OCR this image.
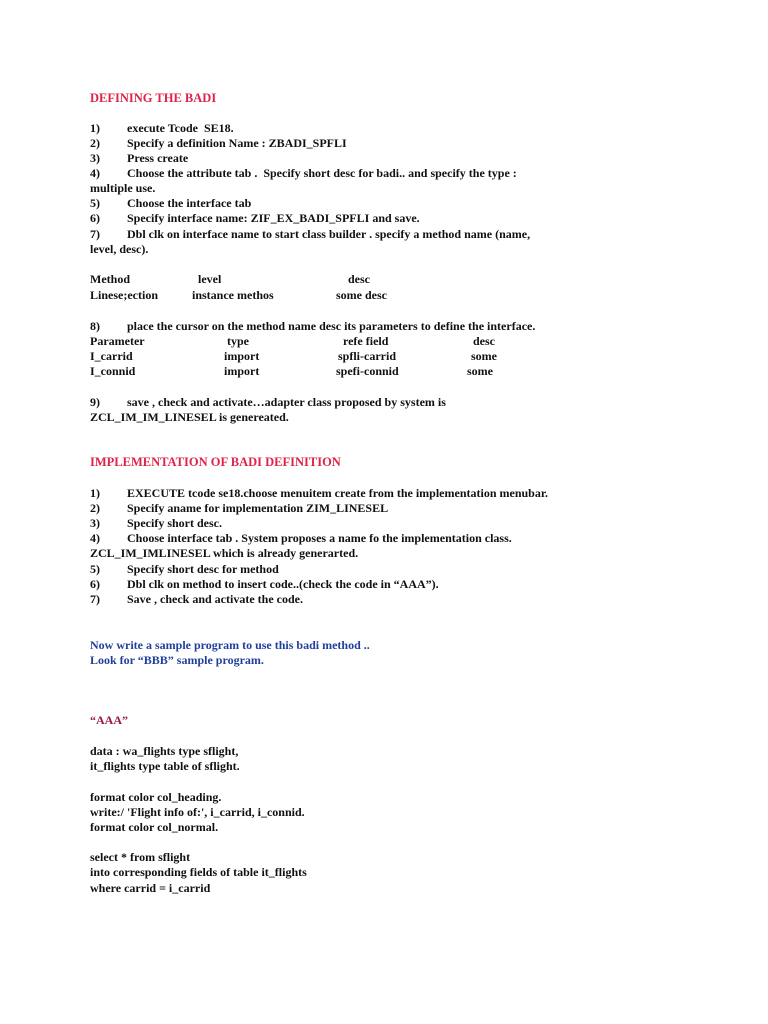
DEFINING THE BADI
1) execute Tcode  SE18.
2) Specify a definition Name : ZBADI_SPFLI
3) Press create
4) Choose the attribute tab .  Specify short desc for badi.. and specify the type :
multiple use.
5) Choose the interface tab
6) Specify interface name: ZIF_EX_BADI_SPFLI and save.
7) Dbl clk on interface name to start class builder . specify a method name (name,
level, desc).
Method	level	desc
Linese;ection	instance methos	some desc
8) place the cursor on the method name desc its parameters to define the interface.
Parameter	type	refe field	desc
I_carrid	import	spfli-carrid	some
I_connid	import	spefi-connid	some
9) save , check and activate…adapter class proposed by system is
ZCL_IM_IM_LINESEL is genereated.
IMPLEMENTATION OF BADI DEFINITION
1) EXECUTE tcode se18.choose menuitem create from the implementation menubar.
2) Specify aname for implementation ZIM_LINESEL
3) Specify short desc.
4) Choose interface tab . System proposes a name fo the implementation class.
ZCL_IM_IMLINESEL which is already generarted.
5) Specify short desc for method
6) Dbl clk on method to insert code..(check the code in “AAA”).
7) Save , check and activate the code.
Now write a sample program to use this badi method ..
Look for “BBB” sample program.
“AAA”
data : wa_flights type sflight,
it_flights type table of sflight.
format color col_heading.
write:/ 'Flight info of:', i_carrid, i_connid.
format color col_normal.
select * from sflight
into corresponding fields of table it_flights
where carrid = i_carrid
